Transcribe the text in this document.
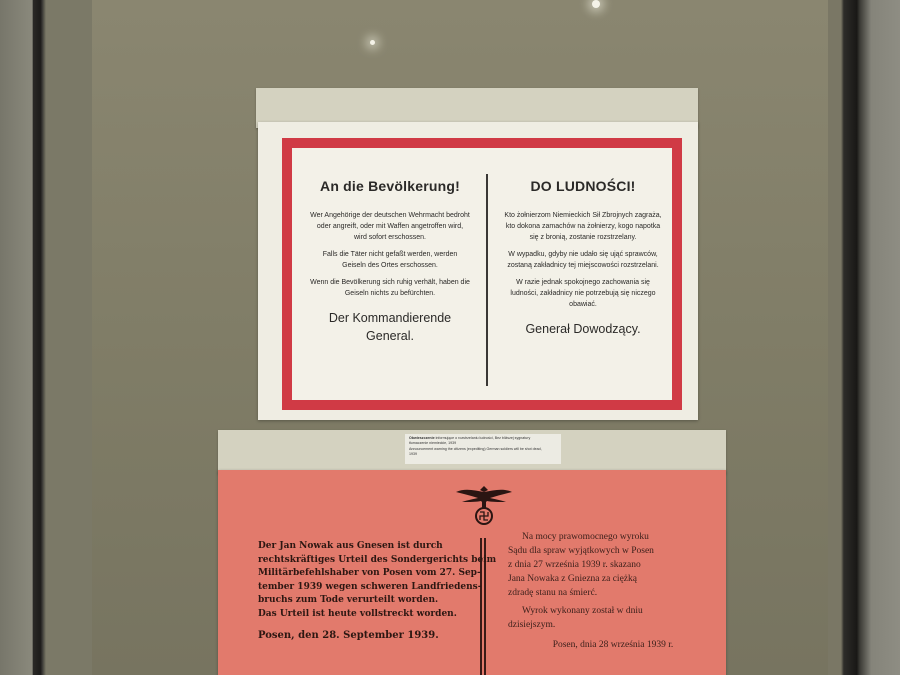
An die Bevölkerung!
Wer Angehörige der deutschen Wehrmacht bedroht oder angreift, oder mit Waffen angetroffen wird, wird sofort erschossen.
Falls die Täter nicht gefaßt werden, werden Geiseln des Ortes erschossen.
Wenn die Bevölkerung sich ruhig verhält, haben die Geiseln nichts zu befürchten.
Der Kommandierende
General.
DO LUDNOŚCI!
Kto żołnierzom Niemieckich Sił Zbrojnych zagraża, kto dokona zamachów na żołnierzy, kogo napotka się z bronią, zostanie rozstrzelany.
W wypadku, gdyby nie udało się ująć sprawców, zostaną zakładnicy tej miejscowości rozstrzelani.
W razie jednak spokojnego zachowania się ludności, zakładnicy nie potrzebują się niczego obawiać.
Generał Dowodzący.
Obwieszczenie informujące o rozstrzelaniu ludności, Bez bliższej sygnatury
tłumaczenie niemieckie, 1939
Announcement warning the citizens (expediting) German soldiers will be shot dead,
1939
Der Jan Nowak aus Gnesen ist durch
rechtskräftiges Urteil des Sondergerichts beim
Militärbefehlshaber von Posen vom 27. Sep-
tember 1939 wegen schweren Landfriedens-
bruchs zum Tode verurteilt worden.
Das Urteil ist heute vollstreckt worden.
Posen, den 28. September 1939.
Na mocy prawomocnego wyroku
Sądu dla spraw wyjątkowych w Posen
z dnia 27 września 1939 r. skazano
Jana Nowaka z Gniezna za ciężką
zdradę stanu na śmierć.
Wyrok wykonany został w dniu
dzisiejszym.
Posen, dnia 28 września 1939 r.
